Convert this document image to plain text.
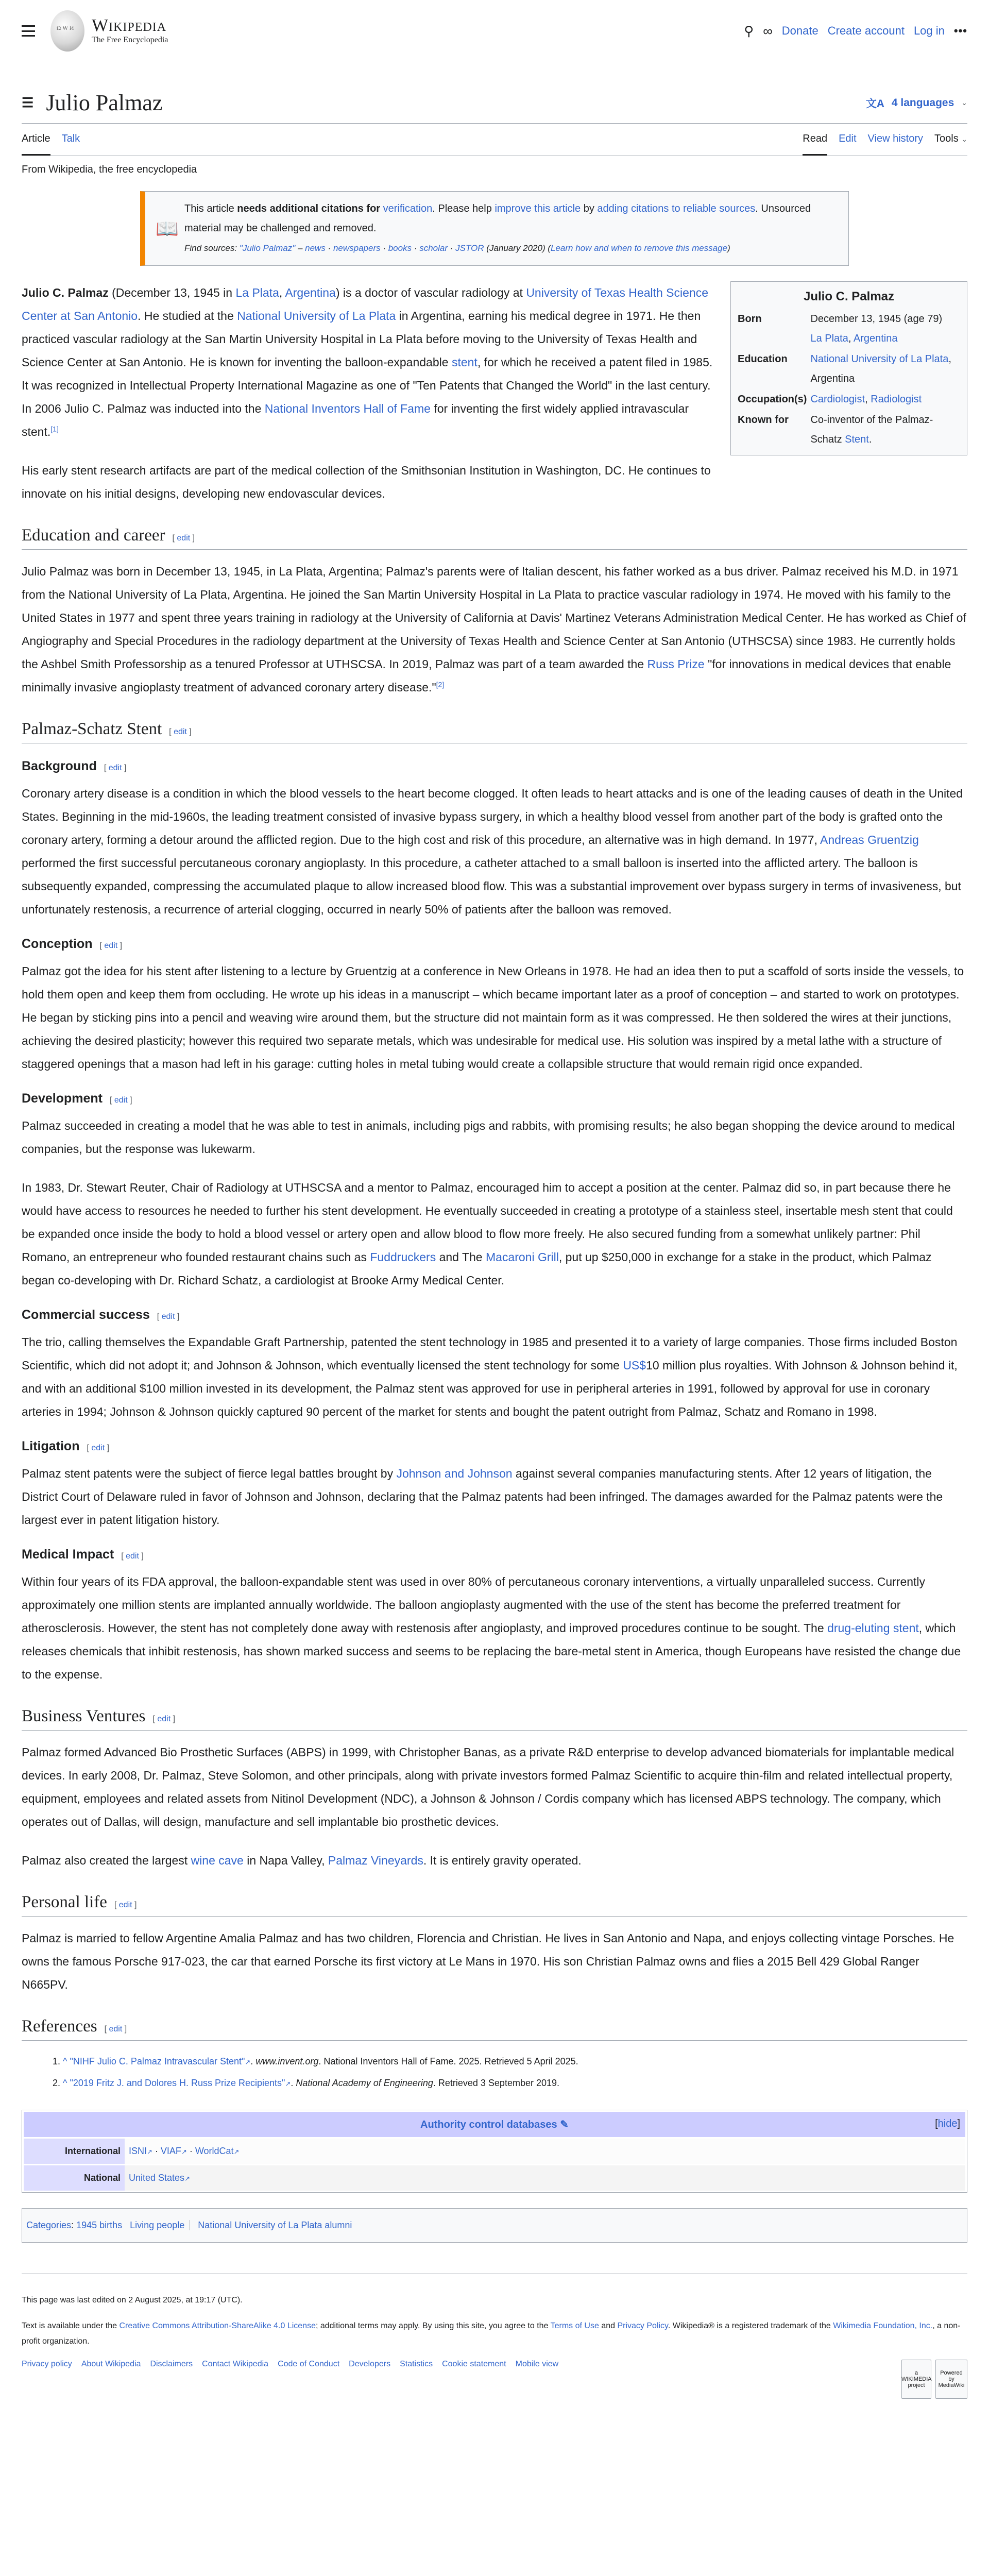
Ω W И
Wikipedia
The Free Encyclopedia
⚲ ∞ Donate Create account Log in •••
☰ Julio Palmaz	文A 4 languages ⌄
Article Talk	Read Edit View history Tools ⌄
From Wikipedia, the free encyclopedia
📖
This article needs additional citations for verification. Please help improve this article by adding citations to reliable sources. Unsourced material may be challenged and removed.
Find sources: "Julio Palmaz" – news · newspapers · books · scholar · JSTOR (January 2020) (Learn how and when to remove this message)
Julio C. Palmaz
Born	December 13, 1945 (age 79)
La Plata, Argentina
Education	National University of La Plata, Argentina
Occupation(s)	Cardiologist, Radiologist
Known for	Co-inventor of the Palmaz-Schatz Stent.

Julio C. Palmaz (December 13, 1945 in La Plata, Argentina) is a doctor of vascular radiology at University of Texas Health Science Center at San Antonio. He studied at the National University of La Plata in Argentina, earning his medical degree in 1971. He then practiced vascular radiology at the San Martin University Hospital in La Plata before moving to the University of Texas Health and Science Center at San Antonio. He is known for inventing the balloon-expandable stent, for which he received a patent filed in 1985. It was recognized in Intellectual Property International Magazine as one of "Ten Patents that Changed the World" in the last century. In 2006 Julio C. Palmaz was inducted into the National Inventors Hall of Fame for inventing the first widely applied intravascular stent.[1]

His early stent research artifacts are part of the medical collection of the Smithsonian Institution in Washington, DC. He continues to innovate on his initial designs, developing new endovascular devices.

Education and career [ edit ]

Julio Palmaz was born in December 13, 1945, in La Plata, Argentina; Palmaz's parents were of Italian descent, his father worked as a bus driver. Palmaz received his M.D. in 1971 from the National University of La Plata, Argentina. He joined the San Martin University Hospital in La Plata to practice vascular radiology in 1974. He moved with his family to the United States in 1977 and spent three years training in radiology at the University of California at Davis' Martinez Veterans Administration Medical Center. He has worked as Chief of Angiography and Special Procedures in the radiology department at the University of Texas Health and Science Center at San Antonio (UTHSCSA) since 1983. He currently holds the Ashbel Smith Professorship as a tenured Professor at UTHSCSA. In 2019, Palmaz was part of a team awarded the Russ Prize "for innovations in medical devices that enable minimally invasive angioplasty treatment of advanced coronary artery disease."[2]

Palmaz-Schatz Stent [ edit ]
Background [ edit ]

Coronary artery disease is a condition in which the blood vessels to the heart become clogged. It often leads to heart attacks and is one of the leading causes of death in the United States. Beginning in the mid-1960s, the leading treatment consisted of invasive bypass surgery, in which a healthy blood vessel from another part of the body is grafted onto the coronary artery, forming a detour around the afflicted region. Due to the high cost and risk of this procedure, an alternative was in high demand. In 1977, Andreas Gruentzig performed the first successful percutaneous coronary angioplasty. In this procedure, a catheter attached to a small balloon is inserted into the afflicted artery. The balloon is subsequently expanded, compressing the accumulated plaque to allow increased blood flow. This was a substantial improvement over bypass surgery in terms of invasiveness, but unfortunately restenosis, a recurrence of arterial clogging, occurred in nearly 50% of patients after the balloon was removed.

Conception [ edit ]

Palmaz got the idea for his stent after listening to a lecture by Gruentzig at a conference in New Orleans in 1978. He had an idea then to put a scaffold of sorts inside the vessels, to hold them open and keep them from occluding. He wrote up his ideas in a manuscript – which became important later as a proof of conception – and started to work on prototypes. He began by sticking pins into a pencil and weaving wire around them, but the structure did not maintain form as it was compressed. He then soldered the wires at their junctions, achieving the desired plasticity; however this required two separate metals, which was undesirable for medical use. His solution was inspired by a metal lathe with a structure of staggered openings that a mason had left in his garage: cutting holes in metal tubing would create a collapsible structure that would remain rigid once expanded.

Development [ edit ]

Palmaz succeeded in creating a model that he was able to test in animals, including pigs and rabbits, with promising results; he also began shopping the device around to medical companies, but the response was lukewarm.

In 1983, Dr. Stewart Reuter, Chair of Radiology at UTHSCSA and a mentor to Palmaz, encouraged him to accept a position at the center. Palmaz did so, in part because there he would have access to resources he needed to further his stent development. He eventually succeeded in creating a prototype of a stainless steel, insertable mesh stent that could be expanded once inside the body to hold a blood vessel or artery open and allow blood to flow more freely. He also secured funding from a somewhat unlikely partner: Phil Romano, an entrepreneur who founded restaurant chains such as Fuddruckers and The Macaroni Grill, put up $250,000 in exchange for a stake in the product, which Palmaz began co-developing with Dr. Richard Schatz, a cardiologist at Brooke Army Medical Center.

Commercial success [ edit ]

The trio, calling themselves the Expandable Graft Partnership, patented the stent technology in 1985 and presented it to a variety of large companies. Those firms included Boston Scientific, which did not adopt it; and Johnson & Johnson, which eventually licensed the stent technology for some US$10 million plus royalties. With Johnson & Johnson behind it, and with an additional $100 million invested in its development, the Palmaz stent was approved for use in peripheral arteries in 1991, followed by approval for use in coronary arteries in 1994; Johnson & Johnson quickly captured 90 percent of the market for stents and bought the patent outright from Palmaz, Schatz and Romano in 1998.

Litigation [ edit ]

Palmaz stent patents were the subject of fierce legal battles brought by Johnson and Johnson against several companies manufacturing stents. After 12 years of litigation, the District Court of Delaware ruled in favor of Johnson and Johnson, declaring that the Palmaz patents had been infringed. The damages awarded for the Palmaz patents were the largest ever in patent litigation history.

Medical Impact [ edit ]

Within four years of its FDA approval, the balloon-expandable stent was used in over 80% of percutaneous coronary interventions, a virtually unparalleled success. Currently approximately one million stents are implanted annually worldwide. The balloon angioplasty augmented with the use of the stent has become the preferred treatment for atherosclerosis. However, the stent has not completely done away with restenosis after angioplasty, and improved procedures continue to be sought. The drug-eluting stent, which releases chemicals that inhibit restenosis, has shown marked success and seems to be replacing the bare-metal stent in America, though Europeans have resisted the change due to the expense.

Business Ventures [ edit ]

Palmaz formed Advanced Bio Prosthetic Surfaces (ABPS) in 1999, with Christopher Banas, as a private R&D enterprise to develop advanced biomaterials for implantable medical devices. In early 2008, Dr. Palmaz, Steve Solomon, and other principals, along with private investors formed Palmaz Scientific to acquire thin-film and related intellectual property, equipment, employees and related assets from Nitinol Development (NDC), a Johnson & Johnson / Cordis company which has licensed ABPS technology. The company, which operates out of Dallas, will design, manufacture and sell implantable bio prosthetic devices.

Palmaz also created the largest wine cave in Napa Valley, Palmaz Vineyards. It is entirely gravity operated.

Personal life [ edit ]

Palmaz is married to fellow Argentine Amalia Palmaz and has two children, Florencia and Christian. He lives in San Antonio and Napa, and enjoys collecting vintage Porsches. He owns the famous Porsche 917-023, the car that earned Porsche its first victory at Le Mans in 1970. His son Christian Palmaz owns and flies a 2015 Bell 429 Global Ranger N665PV.

References [ edit ]
1. ^ "NIHF Julio C. Palmaz Intravascular Stent"↗. www.invent.org. National Inventors Hall of Fame. 2025. Retrieved 5 April 2025.
2. ^ "2019 Fritz J. and Dolores H. Russ Prize Recipients"↗. National Academy of Engineering. Retrieved 3 September 2019.
Authority control databases ✎	[hide]
International ISNI↗ · VIAF↗ · WorldCat↗
National United States↗
Categories: 1945 births Living people National University of La Plata alumni

This page was last edited on 2 August 2025, at 19:17 (UTC).

Text is available under the Creative Commons Attribution-ShareAlike 4.0 License; additional terms may apply. By using this site, you agree to the Terms of Use and Privacy Policy. Wikipedia® is a registered trademark of the Wikimedia Foundation, Inc., a non-profit organization.

Privacy policy About Wikipedia Disclaimers Contact Wikipedia Code of Conduct Developers Statistics Cookie statement Mobile view
a WIKIMEDIA project
Powered by MediaWiki
